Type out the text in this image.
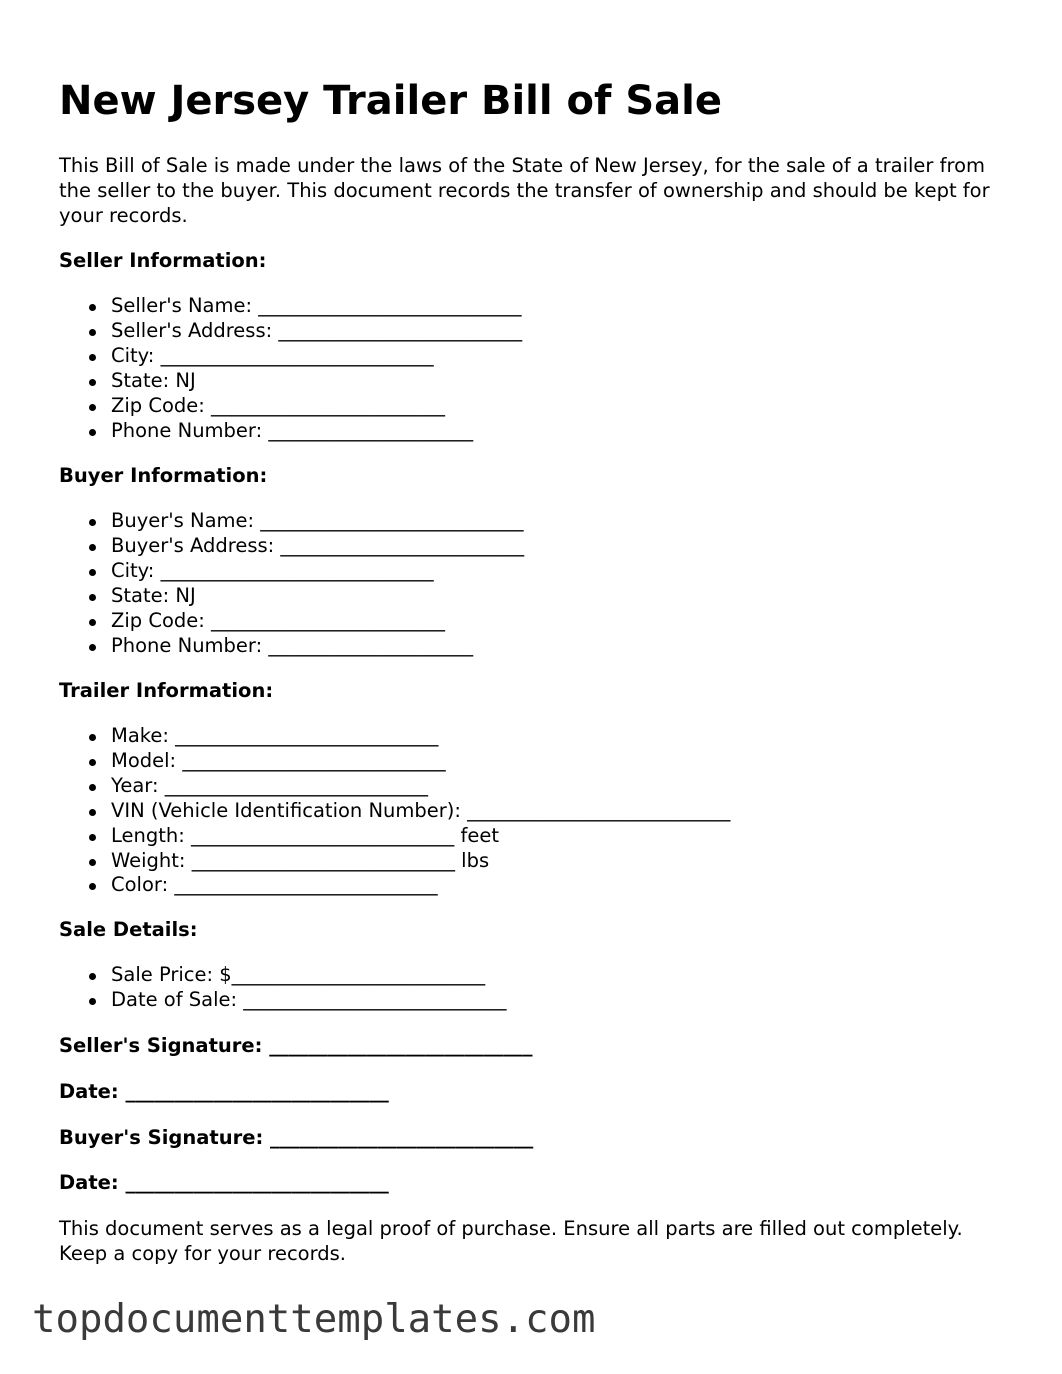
New Jersey Trailer Bill of Sale

This Bill of Sale is made under the laws of the State of New Jersey, for the sale of a trailer from the seller to the buyer. This document records the transfer of ownership and should be kept for your records.

Seller Information:

Seller's Name: ___________________________
Seller's Address: _________________________
City: ____________________________
State: NJ
Zip Code: ________________________
Phone Number: _____________________

Buyer Information:

Buyer's Name: ___________________________
Buyer's Address: _________________________
City: ____________________________
State: NJ
Zip Code: ________________________
Phone Number: _____________________

Trailer Information:

Make: ___________________________
Model: ___________________________
Year: ___________________________
VIN (Vehicle Identification Number): ___________________________
Length: ___________________________ feet
Weight: ___________________________ lbs
Color: ___________________________

Sale Details:

Sale Price: $__________________________
Date of Sale: ___________________________

Seller's Signature: ___________________________

Date: ___________________________

Buyer's Signature: ___________________________

Date: ___________________________

This document serves as a legal proof of purchase. Ensure all parts are filled out completely. Keep a copy for your records.

topdocumenttemplates.com
